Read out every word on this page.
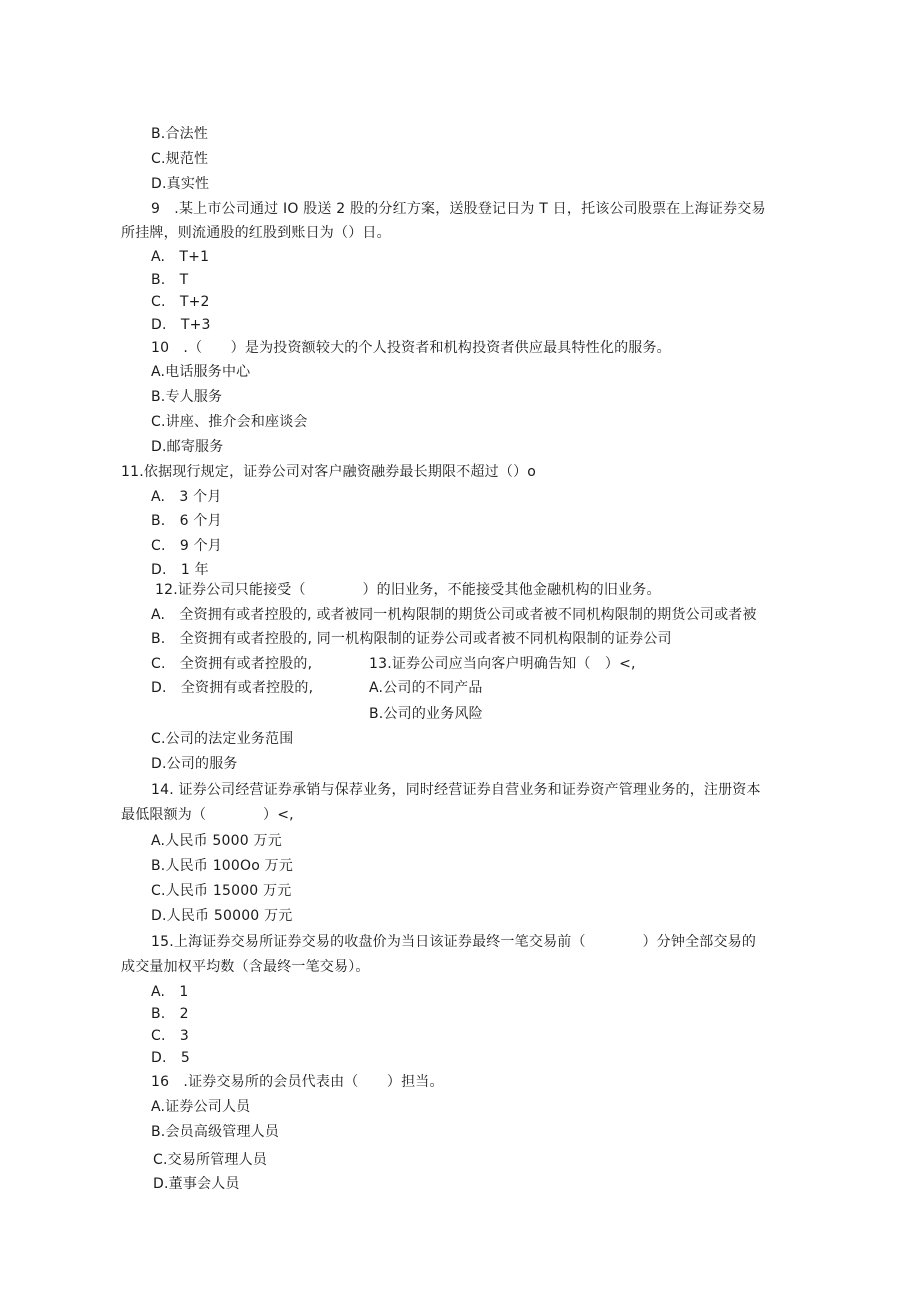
B.合法性
C.规范性
D.真实性
9 .某上市公司通过 IO 股送 2 股的分红方案，送股登记日为 T 日，托该公司股票在上海证券交易
所挂牌，则流通股的红股到账日为（）日。
A. T+1
B. T
C. T+2
D. T+3
10 .（  ）是为投资额较大的个人投资者和机构投资者供应最具特性化的服务。
A.电话服务中心
B.专人服务
C.讲座、推介会和座谈会
D.邮寄服务
11.依据现行规定，证券公司对客户融资融券最长期限不超过（）o
A. 3 个月
B. 6 个月
C. 9 个月
D. 1 年
12.证券公司只能接受（    ）的旧业务，不能接受其他金融机构的旧业务。
A. 全资拥有或者控股的, 或者被同一机构限制的期货公司或者被不同机构限制的期货公司或者被
B. 全资拥有或者控股的, 同一机构限制的证券公司或者被不同机构限制的证券公司
C. 全资拥有或者控股的,
D. 全资拥有或者控股的,
13.证券公司应当向客户明确告知（ ）<,
A.公司的不同产品
B.公司的业务风险
C.公司的法定业务范围
D.公司的服务
14. 证券公司经营证券承销与保荐业务，同时经营证券自营业务和证券资产管理业务的，注册资本
最低限额为（    ）<,
A.人民币 5000 万元
B.人民币 100Oo 万元
C.人民币 15000 万元
D.人民币 50000 万元
15.上海证券交易所证券交易的收盘价为当日该证券最终一笔交易前（    ）分钟全部交易的
成交量加权平均数（含最终一笔交易）。
A. 1
B. 2
C. 3
D. 5
16 .证券交易所的会员代表由（  ）担当。
A.证券公司人员
B.会员高级管理人员
C.交易所管理人员
D.董事会人员
